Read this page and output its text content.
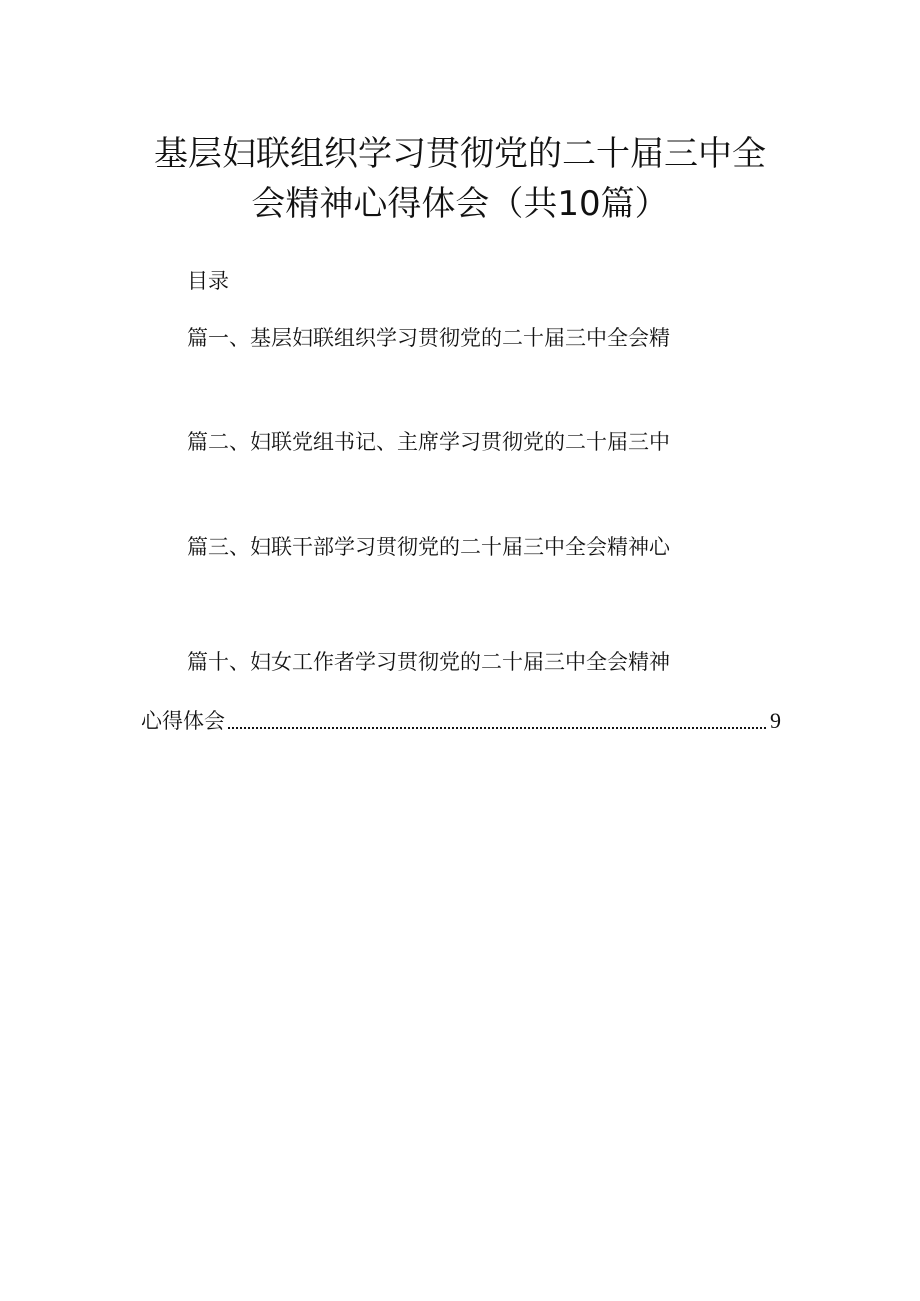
基层妇联组织学习贯彻党的二十届三中全
会精神心得体会（共10篇）
目录
篇一、基层妇联组织学习贯彻党的二十届三中全会精
篇二、妇联党组书记、主席学习贯彻党的二十届三中
篇三、妇联干部学习贯彻党的二十届三中全会精神心
篇十、妇女工作者学习贯彻党的二十届三中全会精神
心得体会	9
